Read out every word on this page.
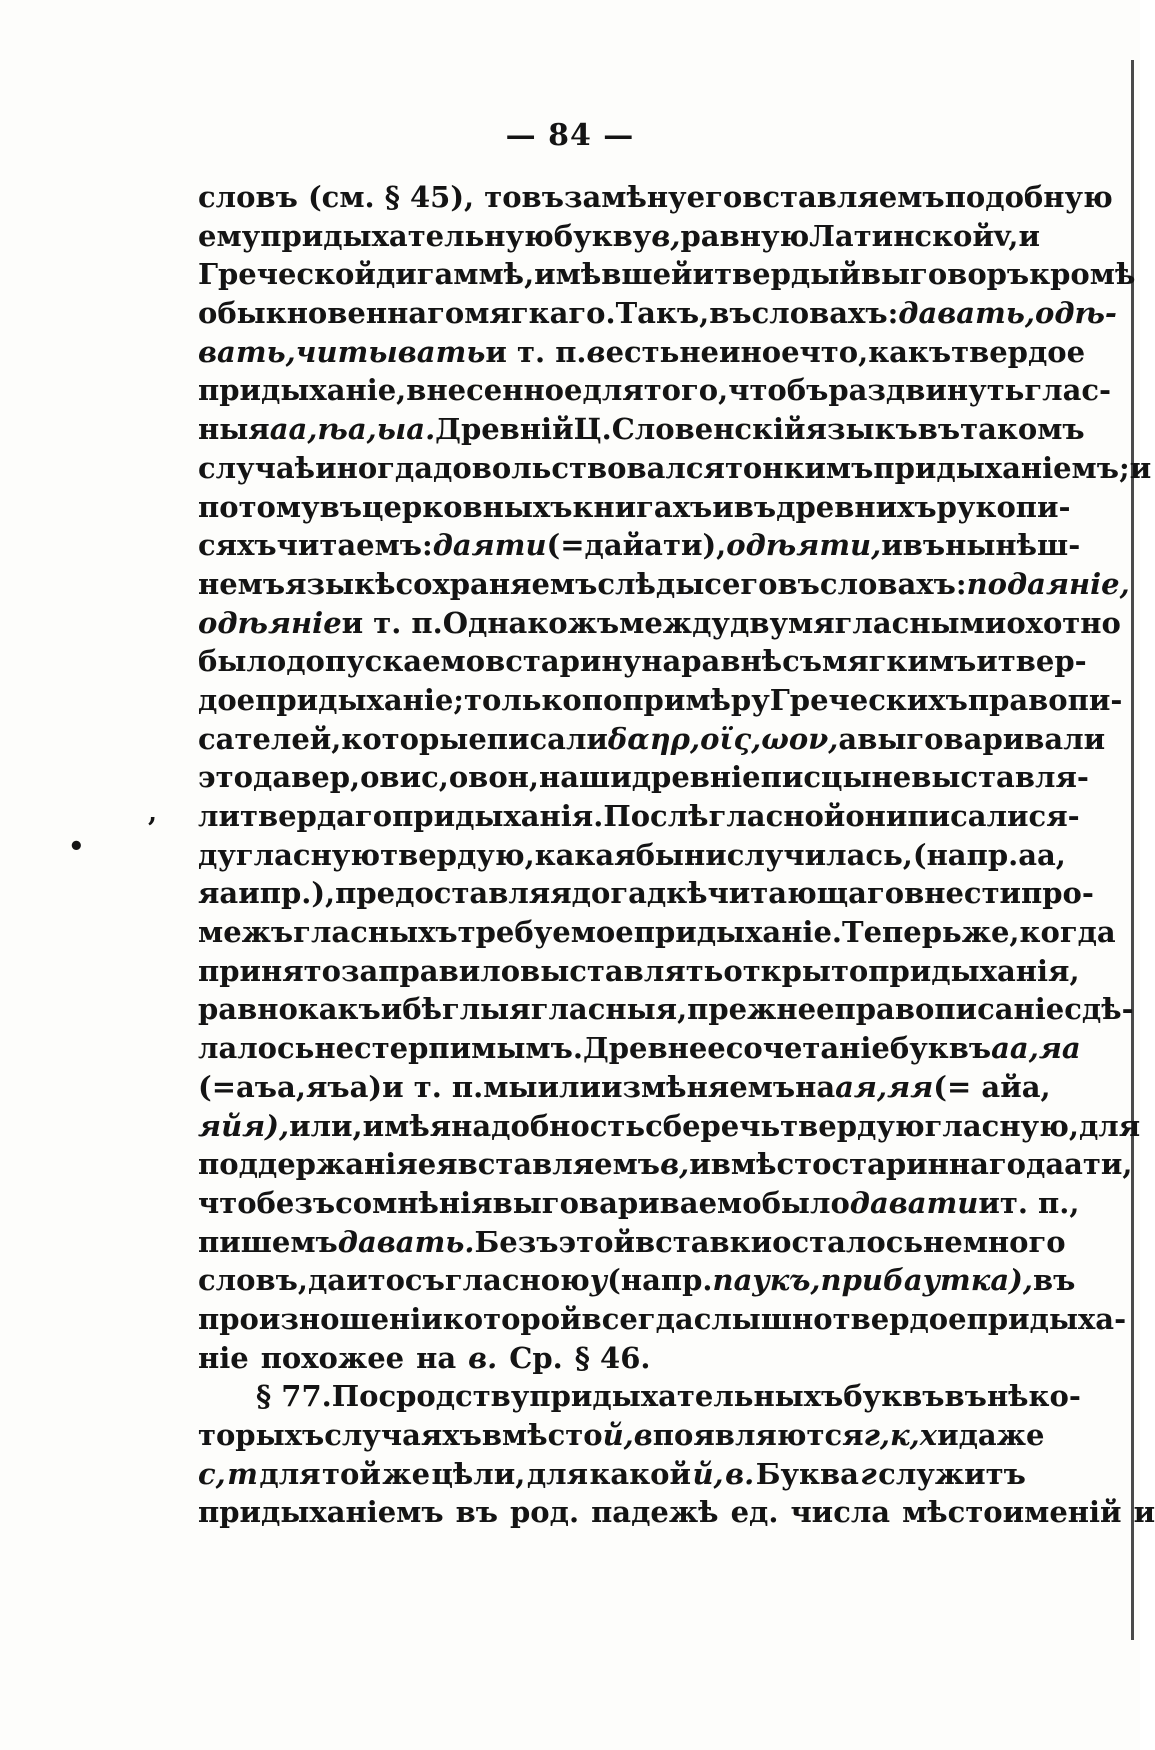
— 84 —
словъ (см. § 45), то въ замѣну его вставляемъ подобную
ему придыхательную букву в, равную Латинской v, и
Греческой дигаммѣ, имѣвшей и твердый выговоръ кромѣ
обыкновеннаго мягкаго. Такъ, въ словахъ: давать, одѣ-
вать, читывать и т. п. в есть не иное что, какъ твердое
придыханіе, внесенное для того, чтобъ раздвинуть глас-
ныя аа, ѣа, ыа. Древній Ц. Словенскій языкъ въ такомъ
случаѣ иногда довольствовался тонкимъ придыханіемъ; и
потому въ церковныхъ книгахъ и въ древнихъ рукопи-
сяхъ читаемъ: даяти (=дайати), одѣяти, и въ нынѣш-
немъ языкѣ сохраняемъ слѣды сего въ словахъ: подаяніе,
одѣяніе и т. п. Однакожъ между двумя гласными охотно
было допускаемо встарину на равнѣ съ мягкимъ и твер-
дое придыханіе; только по примѣру Греческихъ правопи-
сателей, которые писали δαηρ, οϊς, ωον, а выговаривали
это давер, овис, овон, наши древніе писцы не выставля-
ли твердаго придыханія. Послѣ гласной они писали ся-
ду гласную твердую, какая бы ни случилась, (напр. аа,
яа и пр.), предоставляя догадкѣ читающаго внести про-
межъ гласныхъ требуемое придыханіе. Теперь же, когда
принято за правило выставлять открыто придыханія,
равно какъ и бѣглыя гласныя, прежнее правописаніе сдѣ-
лалось нестерпимымъ. Древнее сочетаніе буквъ аа, яа
(=аъа, яъа) и т. п. мы или измѣняемъ на ая, яя (= айа,
яйя), или, имѣя надобность сберечь твердую гласную, для
поддержанія ея вставляемъ в, и вмѣсто стариннаго даати,
что безъ сомнѣнія выговариваемо было давати и т. п.,
пишемъ давать. Безъ этой вставки осталось не много
словъ, да и то съ гласною у (напр. паукъ, прибаутка), въ
произношеніи которой всегда слышно твердое придыха-
ніе похожее на в. Ср. § 46.
§ 77. По сродству придыхательныхъ буквъ въ нѣко-
торыхъ случаяхъ вмѣсто й, в появляются г, к, х и даже
с, т для той же цѣли, для какой й, в. Буква г служитъ
придыханіемъ въ род. падежѣ ед. числа мѣстоименій и
,
•
